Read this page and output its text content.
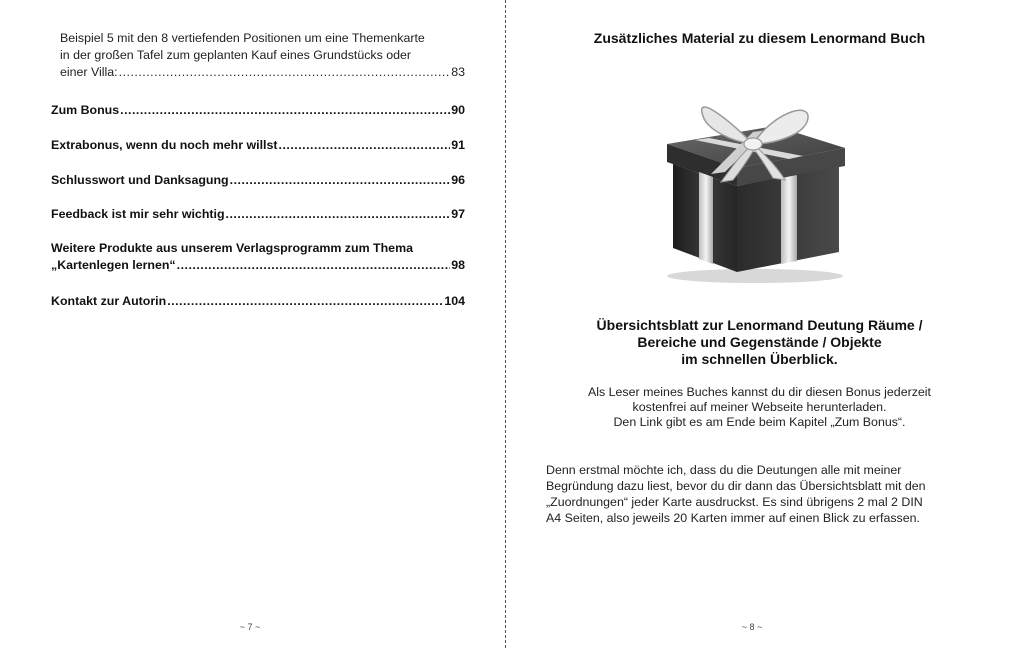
Beispiel 5 mit den 8 vertiefenden Positionen um eine Themenkarte
in der großen Tafel zum geplanten Kauf eines Grundstücks oder
einer Villa: .....	83
Zum Bonus .....	90
Extrabonus, wenn du noch mehr willst .....	91
Schlusswort und Danksagung .....	96
Feedback ist mir sehr wichtig .....	97
Weitere Produkte aus unserem Verlagsprogramm zum Thema
„Kartenlegen lernen“ .....	98
Kontakt zur Autorin .....	104
~ 7 ~
Zusätzliches Material zu diesem Lenormand Buch
Übersichtsblatt zur Lenormand Deutung Räume /
Bereiche und Gegenstände / Objekte
im schnellen Überblick.
Als Leser meines Buches kannst du dir diesen Bonus jederzeit
kostenfrei auf meiner Webseite herunterladen.
Den Link gibt es am Ende beim Kapitel „Zum Bonus“.
Denn erstmal möchte ich, dass du die Deutungen alle mit meiner
Begründung dazu liest, bevor du dir dann das Übersichtsblatt mit den
„Zuordnungen“ jeder Karte ausdruckst. Es sind übrigens 2 mal 2 DIN
A4 Seiten, also jeweils 20 Karten immer auf einen Blick zu erfassen.
~ 8 ~
